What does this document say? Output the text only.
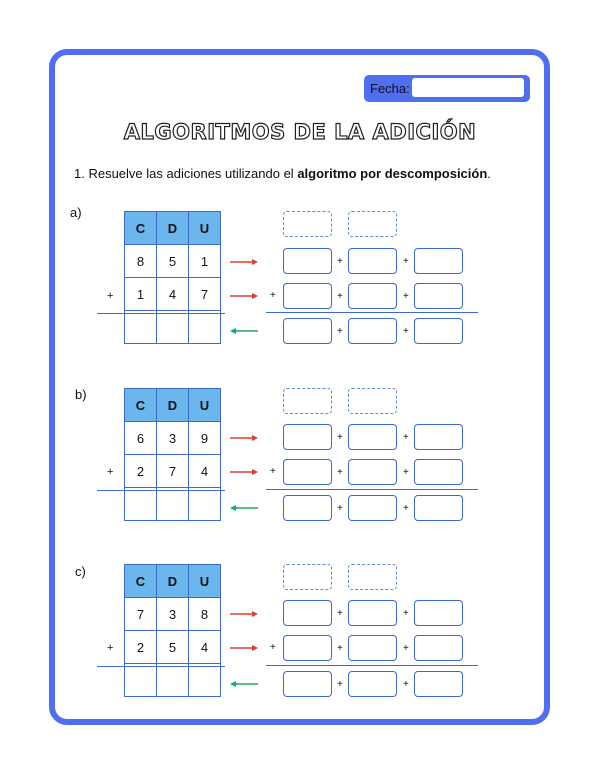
Fecha:
ALGORITMOS DE LA ADICIÓN
1. Resuelve las adiciones utilizando el algoritmo por descomposición.
a)
C	D	U
8	5	1
1	4	7

+
+	+
+	+	+
+	+
b)
C	D	U
6	3	9
2	7	4

+
+	+
+	+	+
+	+
c)
C	D	U
7	3	8
2	5	4

+
+	+
+	+	+
+	+
